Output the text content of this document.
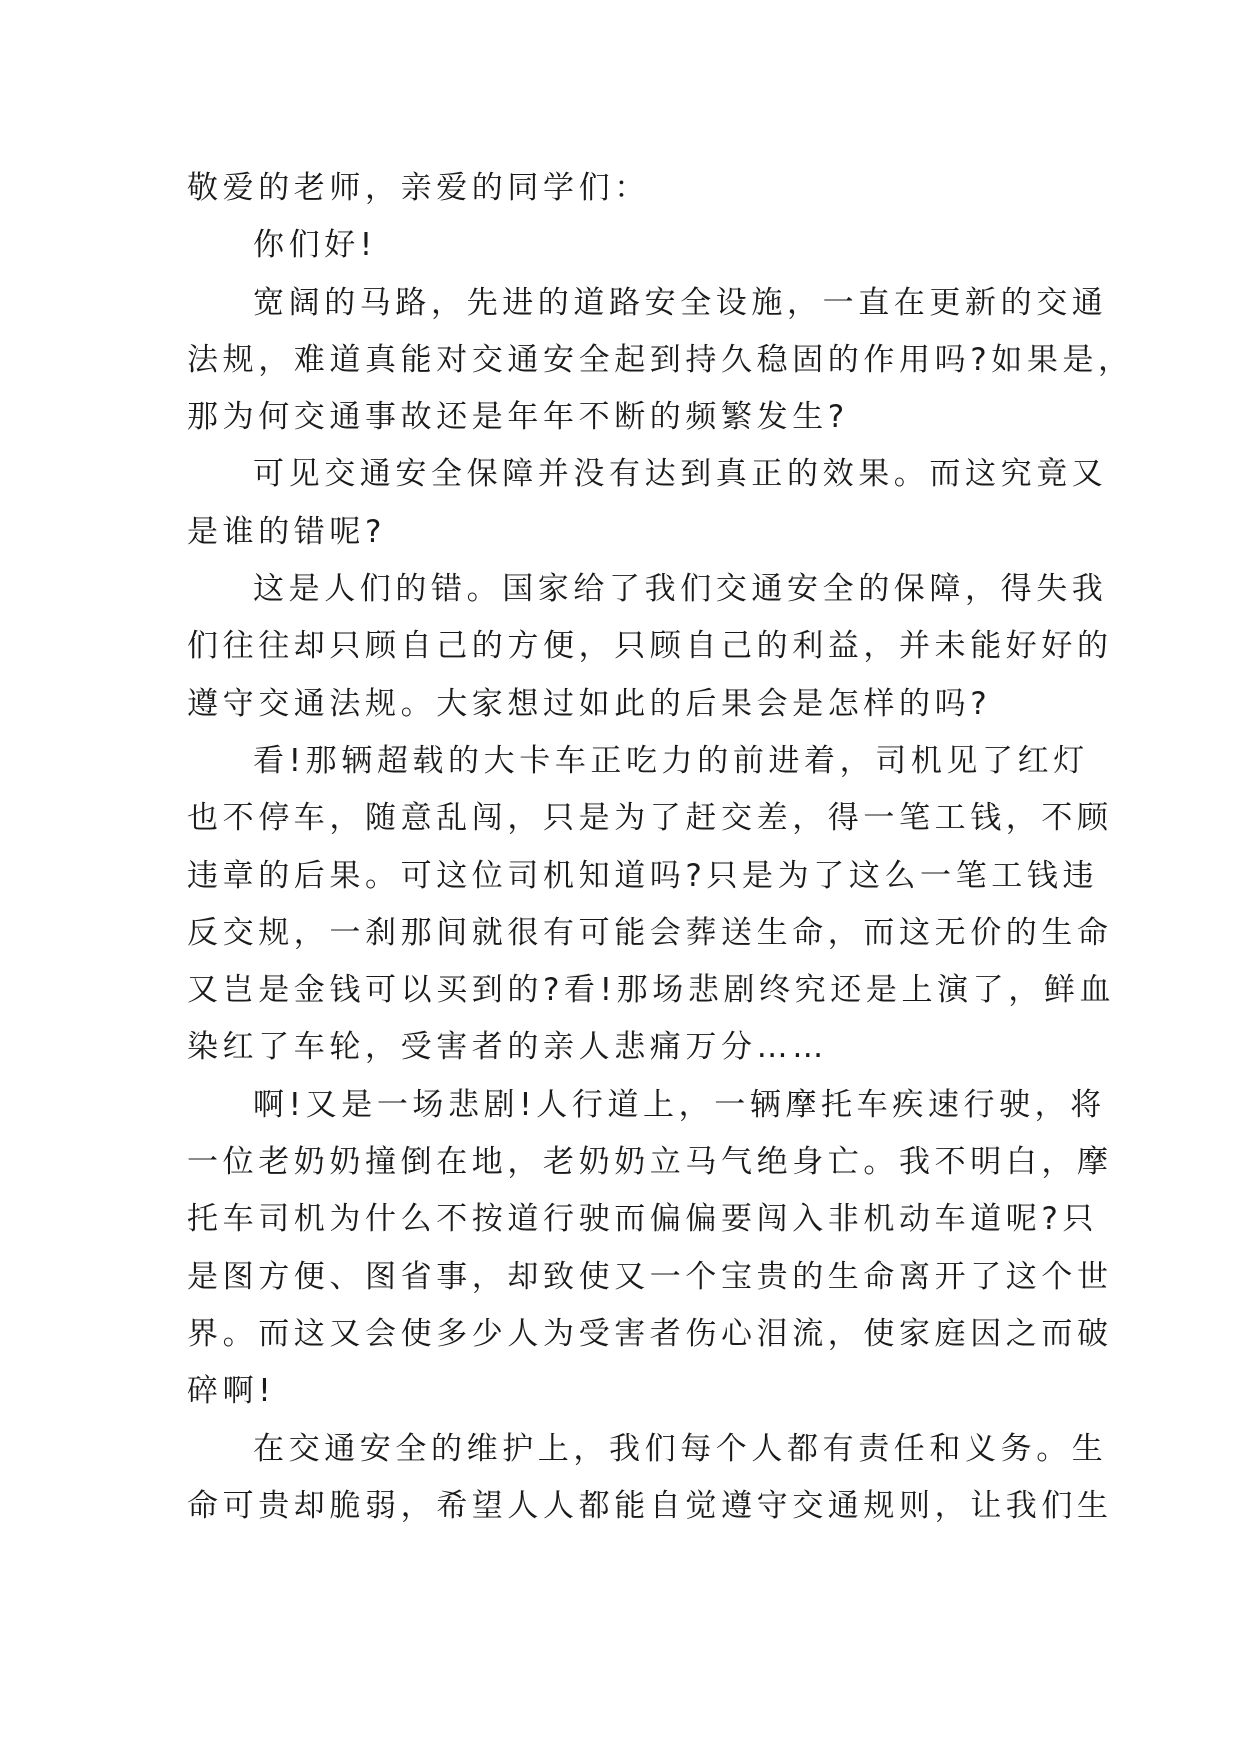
敬爱的老师，亲爱的同学们：
你们好!
宽阔的马路，先进的道路安全设施，一直在更新的交通
法规，难道真能对交通安全起到持久稳固的作用吗?如果是，
那为何交通事故还是年年不断的频繁发生?
可见交通安全保障并没有达到真正的效果。而这究竟又
是谁的错呢?
这是人们的错。国家给了我们交通安全的保障，得失我
们往往却只顾自己的方便，只顾自己的利益，并未能好好的
遵守交通法规。大家想过如此的后果会是怎样的吗?
看!那辆超载的大卡车正吃力的前进着，司机见了红灯
也不停车，随意乱闯，只是为了赶交差，得一笔工钱，不顾
违章的后果。可这位司机知道吗?只是为了这么一笔工钱违
反交规，一刹那间就很有可能会葬送生命，而这无价的生命
又岂是金钱可以买到的?看!那场悲剧终究还是上演了，鲜血
染红了车轮，受害者的亲人悲痛万分……
啊!又是一场悲剧!人行道上，一辆摩托车疾速行驶，将
一位老奶奶撞倒在地，老奶奶立马气绝身亡。我不明白，摩
托车司机为什么不按道行驶而偏偏要闯入非机动车道呢?只
是图方便、图省事，却致使又一个宝贵的生命离开了这个世
界。而这又会使多少人为受害者伤心泪流，使家庭因之而破
碎啊!
在交通安全的维护上，我们每个人都有责任和义务。生
命可贵却脆弱，希望人人都能自觉遵守交通规则，让我们生
